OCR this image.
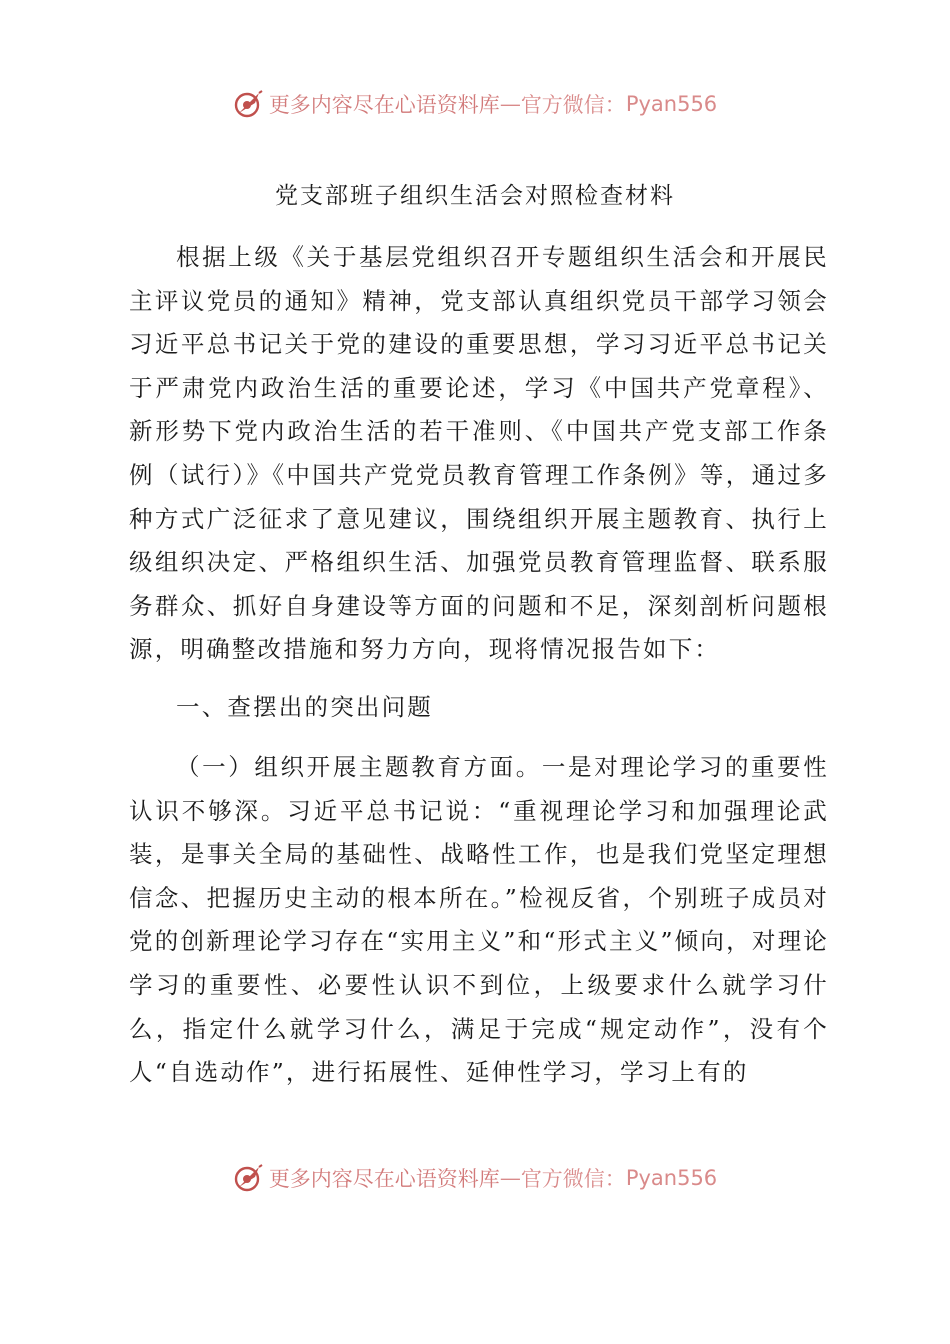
更多内容尽在心语资料库 — 官方微信： Pyan556
党支部班子组织生活会对照检查材料

根据上级《关于基层党组织召开专题组织生活会和开展民主评议党员的通知》精神，党支部认真组织党员干部学习领会习近平总书记关于党的建设的重要思想，学习习近平总书记关于严肃党内政治生活的重要论述，学习《中国共产党章程》、新形势下党内政治生活的若干准则、《中国共产党支部工作条例（试行）》《中国共产党党员教育管理工作条例》等，通过多种方式广泛征求了意见建议，围绕组织开展主题教育、执行上级组织决定、严格组织生活、加强党员教育管理监督、联系服务群众、抓好自身建设等方面的问题和不足，深刻剖析问题根源，明确整改措施和努力方向，现将情况报告如下：

一、查摆出的突出问题

（一）组织开展主题教育方面。一是对理论学习的重要性认识不够深。习近平总书记说：“重视理论学习和加强理论武装，是事关全局的基础性、战略性工作，也是我们党坚定理想信念、把握历史主动的根本所在。”检视反省，个别班子成员对党的创新理论学习存在“实用主义”和“形式主义”倾向，对理论学习的重要性、必要性认识不到位，上级要求什么就学习什么，指定什么就学习什么，满足于完成“规定动作”，没有个人“自选动作”，进行拓展性、延伸性学习，学习上有的

更多内容尽在心语资料库 — 官方微信： Pyan556
